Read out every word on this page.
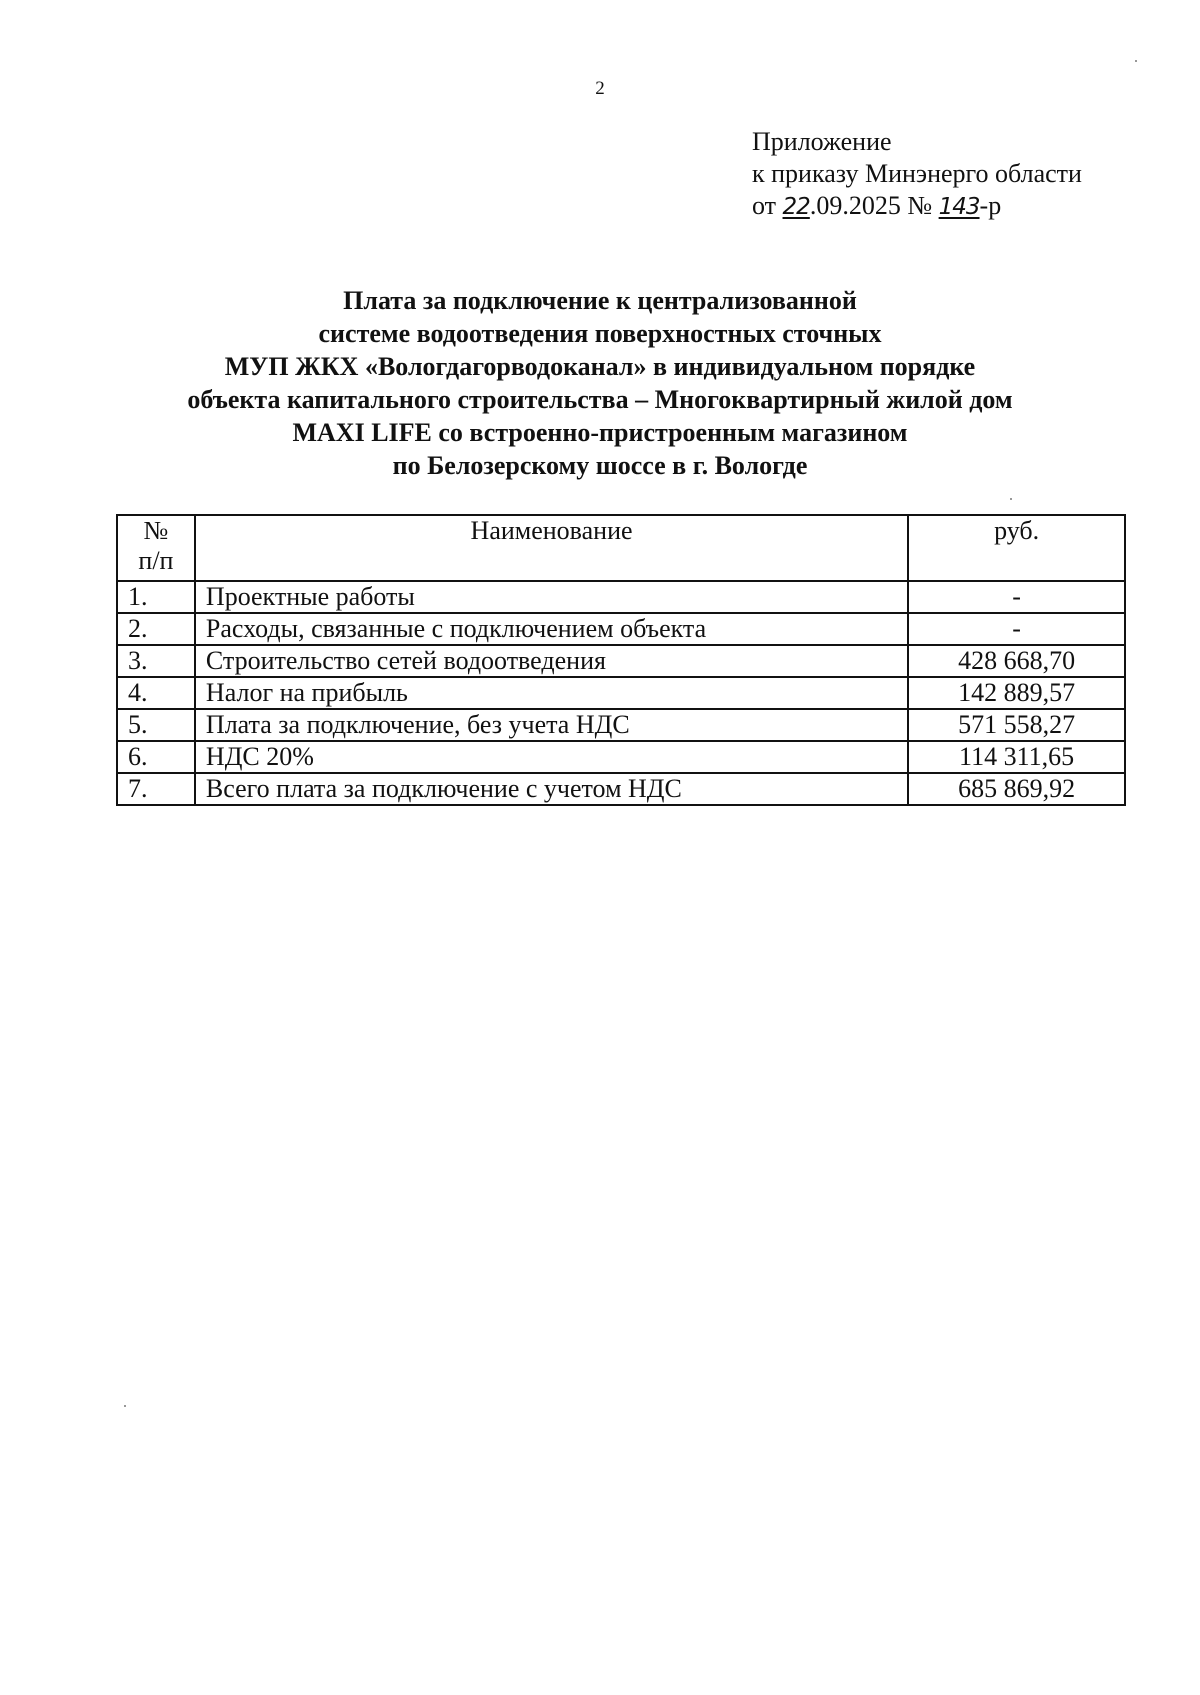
2
Приложение
к приказу Минэнерго области
от 22.09.2025 № 143-р
Плата за подключение к централизованной
системе водоотведения поверхностных сточных
МУП ЖКХ «Вологдагорводоканал» в индивидуальном порядке
объекта капитального строительства – Многоквартирный жилой дом
MAXI LIFE со встроенно-пристроенным магазином
по Белозерскому шоссе в г. Вологде
№
п/п	Наименование	руб.
1.	Проектные работы	-
2.	Расходы, связанные с подключением объекта	-
3.	Строительство сетей водоотведения	428 668,70
4.	Налог на прибыль	142 889,57
5.	Плата за подключение, без учета НДС	571 558,27
6.	НДС 20%	114 311,65
7.	Всего плата за подключение с учетом НДС	685 869,92
